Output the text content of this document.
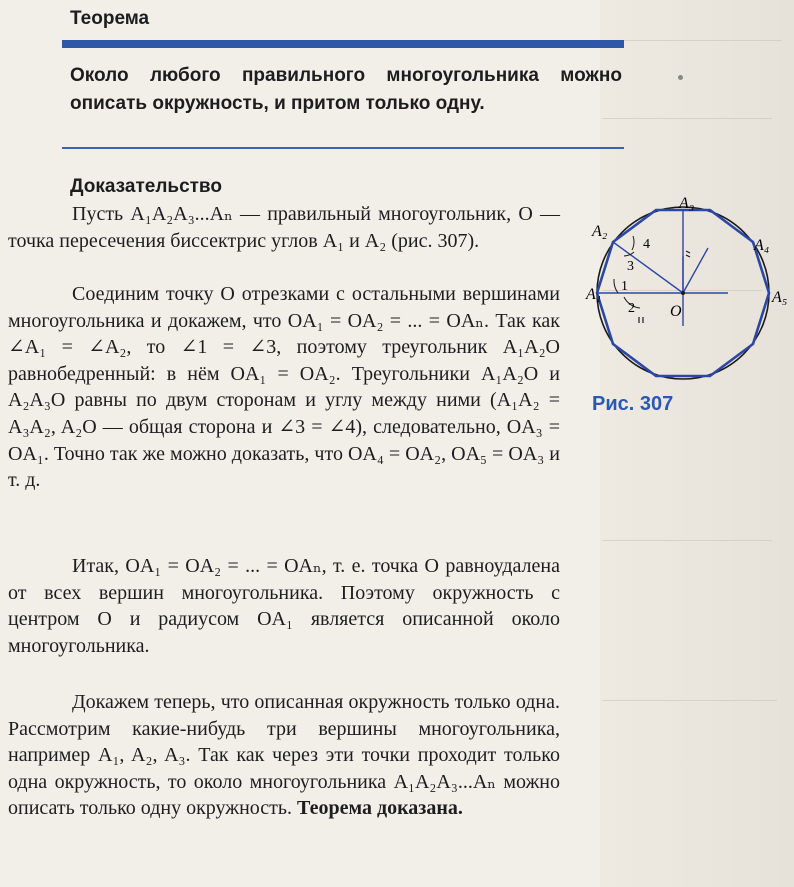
Теорема
Около любого правильного многоугольника можно описать окружность, и притом только одну.
Доказательство
Пусть A₁A₂A₃...Aₙ — правильный многоугольник, O — точка пересечения биссектрис углов A₁ и A₂ (рис. 307).
Соединим точку O отрезками с остальными вершинами многоугольника и докажем, что OA₁ = OA₂ = ... = OAₙ. Так как ∠A₁ = ∠A₂, то ∠1 = ∠3, поэтому треугольник A₁A₂O равнобедренный: в нём OA₁ = OA₂. Треугольники A₁A₂O и A₂A₃O равны по двум сторонам и углу между ними (A₁A₂ = A₃A₂, A₂O — общая сторона и ∠3 = ∠4), следовательно, OA₃ = OA₁. Точно так же можно доказать, что OA₄ = OA₂, OA₅ = OA₃ и т. д.
Итак, OA₁ = OA₂ = ... = OAₙ, т. е. точка O равноудалена от всех вершин многоугольника. Поэтому окружность с центром O и радиусом OA₁ является описанной около многоугольника.
Докажем теперь, что описанная окружность только одна. Рассмотрим какие-нибудь три вершины многоугольника, например A₁, A₂, A₃. Так как через эти точки проходит только одна окружность, то около многоугольника A₁A₂A₃...Aₙ можно описать только одну окружность. Теорема доказана.
A₁
A₂
A₃
A₄
A₅
O
1
2
3
4
Рис. 307
